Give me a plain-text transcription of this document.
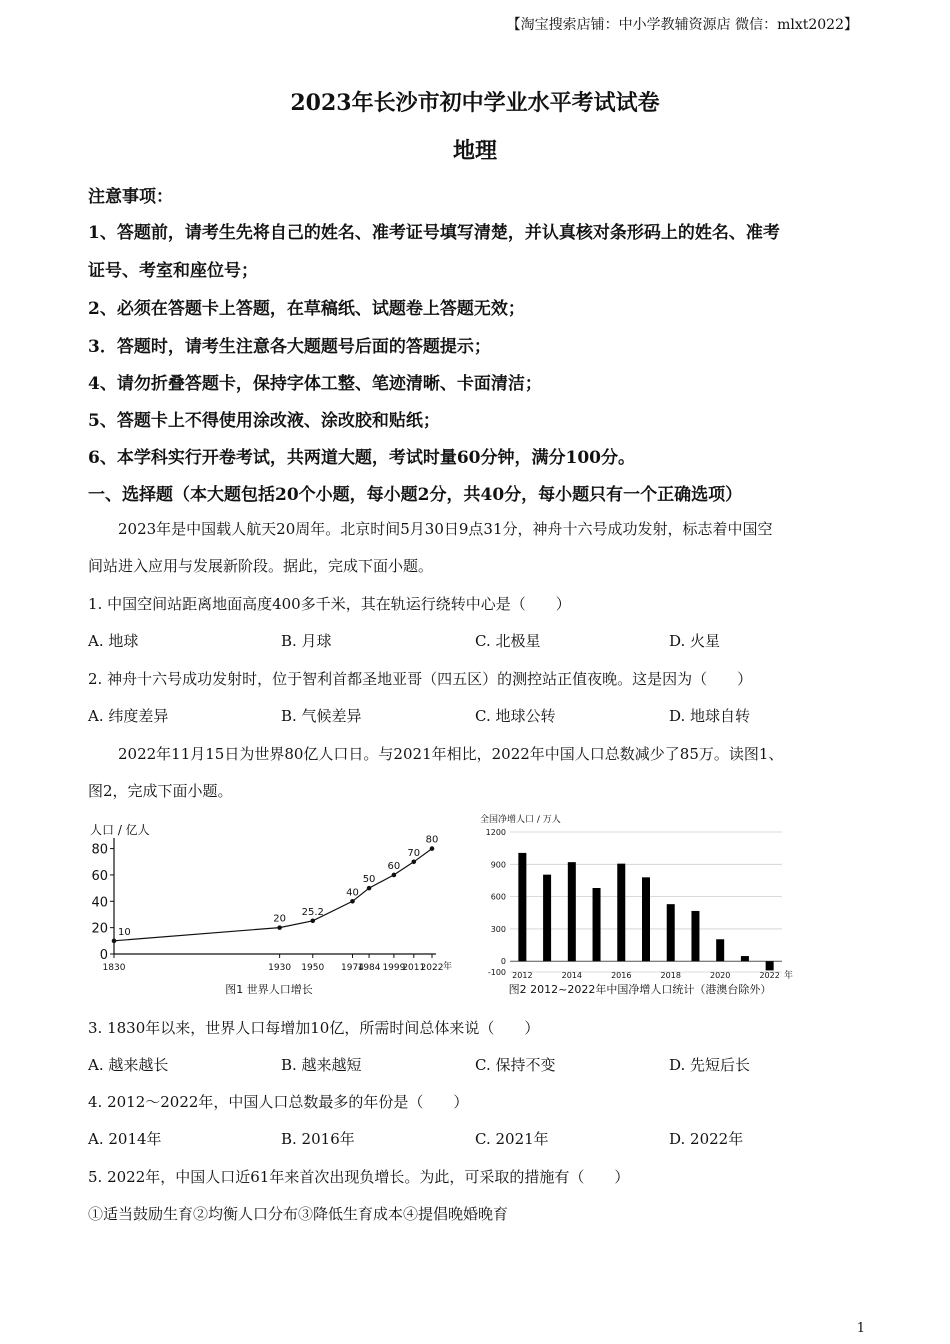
【淘宝搜索店铺：中小学教辅资源店 微信：mlxt2022】
2023年长沙市初中学业水平考试试卷
地理
注意事项：
1、答题前，请考生先将自己的姓名、准考证号填写清楚，并认真核对条形码上的姓名、准考
证号、考室和座位号；
2、必须在答题卡上答题，在草稿纸、试题卷上答题无效；
3．答题时，请考生注意各大题题号后面的答题提示；
4、请勿折叠答题卡，保持字体工整、笔迹清晰、卡面清洁；
5、答题卡上不得使用涂改液、涂改胶和贴纸；
6、本学科实行开卷考试，共两道大题，考试时量60分钟，满分100分。
一、选择题（本大题包括20个小题，每小题2分，共40分，每小题只有一个正确选项）
2023年是中国载人航天20周年。北京时间5月30日9点31分，神舟十六号成功发射，标志着中国空
间站进入应用与发展新阶段。据此，完成下面小题。
1. 中国空间站距离地面高度400多千米，其在轨运行绕转中心是（　　）
A. 地球	B. 月球	C. 北极星	D. 火星
2. 神舟十六号成功发射时，位于智利首都圣地亚哥（四五区）的测控站正值夜晚。这是因为（　　）
A. 纬度差异	B. 气候差异	C. 地球公转	D. 地球自转
2022年11月15日为世界80亿人口日。与2021年相比，2022年中国人口总数减少了85万。读图1、
图2，完成下面小题。
人口 / 亿人
图1 世界人口增长
年
0
20
40
60
80
1830	1930 1950 1974
1984 1999
2011
2022
10
20
25.2
40
50
60
70
80
全国净增人口 / 万人
图2 2012~2022年中国净增人口统计（港澳台除外）
年
-100
0
300
600
900
1200
2012	2014	2016	2018	2020	2022
3. 1830年以来，世界人口每增加10亿，所需时间总体来说（　　）
A. 越来越长	B. 越来越短	C. 保持不变	D. 先短后长
4. 2012～2022年，中国人口总数最多的年份是（　　）
A. 2014年	B. 2016年	C. 2021年	D. 2022年
5. 2022年，中国人口近61年来首次出现负增长。为此，可采取的措施有（　　）
①适当鼓励生育②均衡人口分布③降低生育成本④提倡晚婚晚育
1
